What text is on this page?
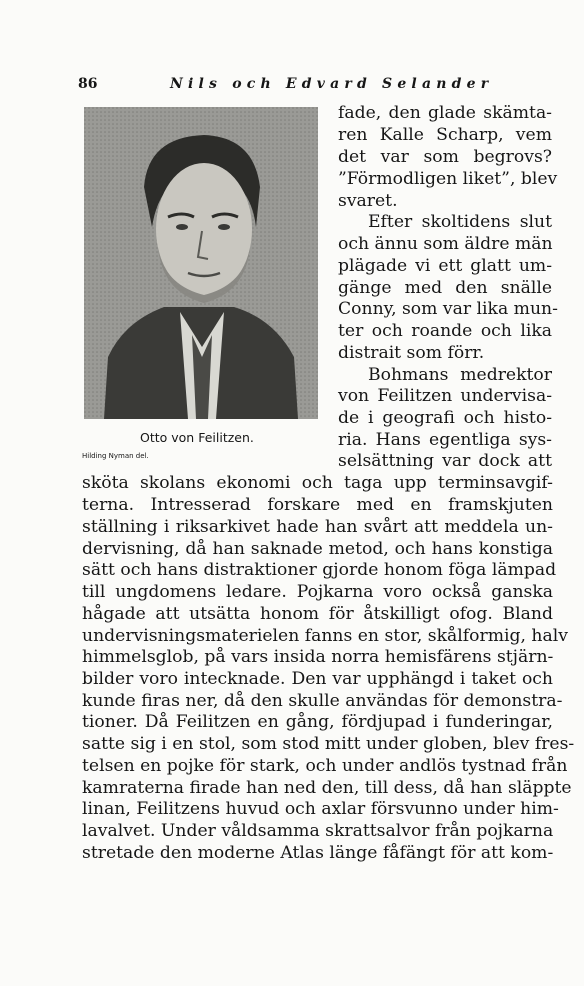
86	Nils och Edvard Selander
Otto von Feilitzen.
Hilding Nyman del.
fade, den glade skämta-
ren Kalle Scharp, vem
det var som begrovs?
”Förmodligen liket”, blev
svaret.
Efter skoltidens slut
och ännu som äldre män
plägade vi ett glatt um-
gänge med den snälle
Conny, som var lika mun-
ter och roande och lika
distrait som förr.
Bohmans medrektor
von Feilitzen undervisa-
de i geografi och histo-
ria. Hans egentliga sys-
selsättning var dock att
sköta skolans ekonomi och taga upp terminsavgif-
terna. Intresserad forskare med en framskjuten
ställning i riksarkivet hade han svårt att meddela un-
dervisning, då han saknade metod, och hans konstiga
sätt och hans distraktioner gjorde honom föga lämpad
till ungdomens ledare. Pojkarna voro också ganska
hågade att utsätta honom för åtskilligt ofog. Bland
undervisningsmaterielen fanns en stor, skålformig, halv
himmelsglob, på vars insida norra hemisfärens stjärn-
bilder voro intecknade. Den var upphängd i taket och
kunde firas ner, då den skulle användas för demonstra-
tioner. Då Feilitzen en gång, fördjupad i funderingar,
satte sig i en stol, som stod mitt under globen, blev fres-
telsen en pojke för stark, och under andlös tystnad från
kamraterna firade han ned den, till dess, då han släppte
linan, Feilitzens huvud och axlar försvunno under him-
lavalvet. Under våldsamma skrattsalvor från pojkarna
stretade den moderne Atlas länge fåfängt för att kom-
